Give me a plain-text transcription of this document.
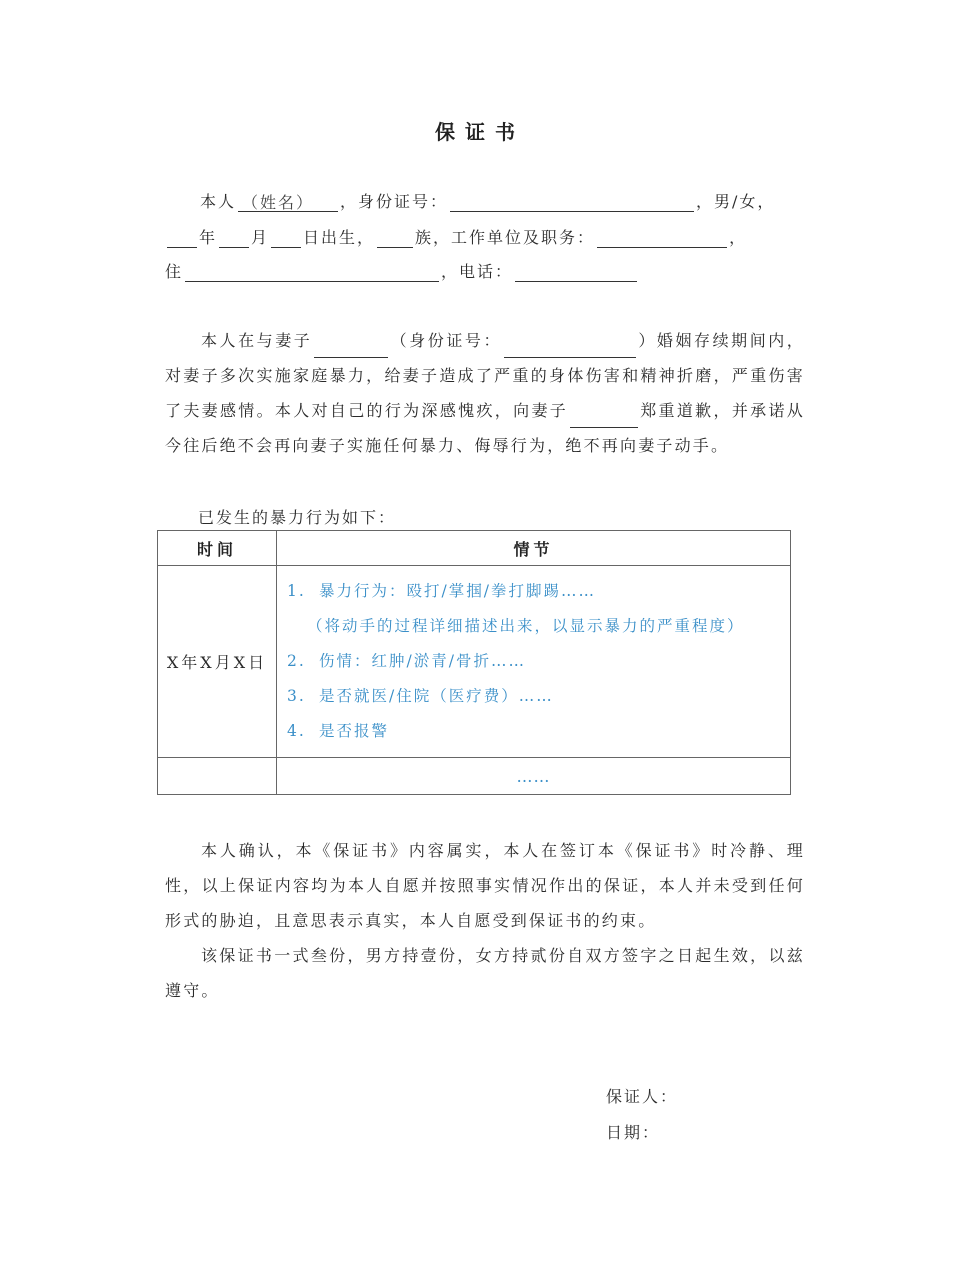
保证书
本人 （姓名） ，身份证号：	，男/女，
年 月 日出生，	族，工作单位及职务：	，
住	，电话：
本人在与妻子	（身份证号：	）婚姻存续期间内，对妻子多次实施家庭暴力，给妻子造成了严重的身体伤害和精神折磨，严重伤害了夫妻感情。本人对自己的行为深感愧疚，向妻子	郑重道歉，并承诺从今往后绝不会再向妻子实施任何暴力、侮辱行为，绝不再向妻子动手。
已发生的暴力行为如下：
时间	情节
X年X月X日	1. 暴力行为：殴打/掌掴/拳打脚踢……
（将动手的过程详细描述出来，以显示暴力的严重程度）
2. 伤情：红肿/淤青/骨折……
3. 是否就医/住院（医疗费）……
4. 是否报警

	……
本人确认，本《保证书》内容属实，本人在签订本《保证书》时冷静、理性，以上保证内容均为本人自愿并按照事实情况作出的保证，本人并未受到任何形式的胁迫，且意思表示真实，本人自愿受到保证书的约束。
该保证书一式叁份，男方持壹份，女方持贰份自双方签字之日起生效，以兹遵守。
保证人：
日期：
